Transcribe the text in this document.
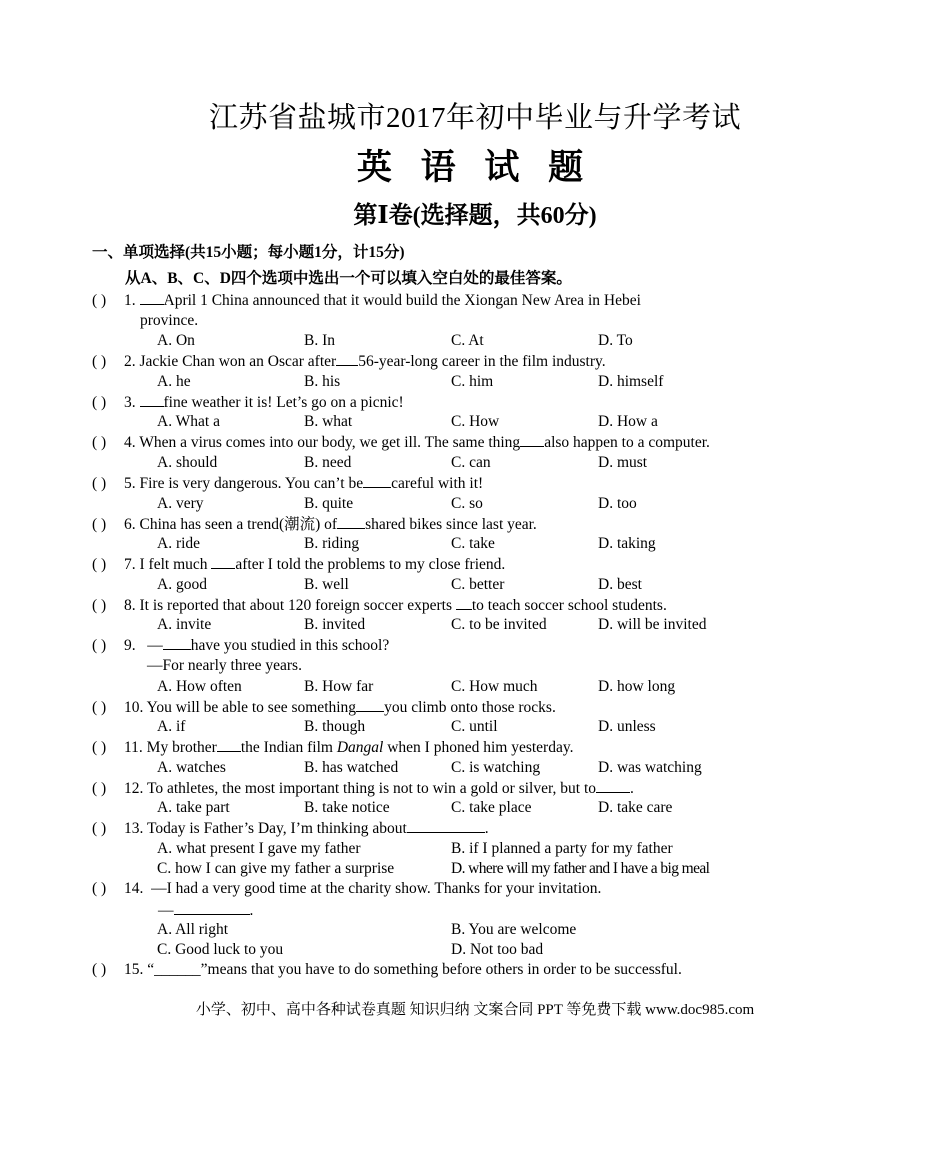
江苏省盐城市2017年初中毕业与升学考试
英 语 试 题
第Ⅰ卷(选择题，共60分)
一、单项选择(共15小题；每小题1分，计15分)
从A、B、C、D四个选项中选出一个可以填入空白处的最佳答案。
( ) 1. April 1 China announced that it would build the Xiongan New Area in Hebei
province.
A. On	B. In	C. At	D. To
( ) 2. Jackie Chan won an Oscar after 56-year-long career in the film industry.
A. he	B. his	C. him	D. himself
( ) 3. fine weather it is! Let’s go on a picnic!
A. What a	B. what	C. How	D. How a
( ) 4. When a virus comes into our body, we get ill. The same thing also happen to a computer.
A. should	B. need	C. can	D. must
( ) 5. Fire is very dangerous. You can’t be careful with it!
A. very	B. quite	C. so	D. too
( ) 6. China has seen a trend(潮流) of shared bikes since last year.
A. ride	B. riding	C. take	D. taking
( ) 7. I felt much after I told the problems to my close friend.
A. good	B. well	C. better	D. best
( ) 8. It is reported that about 120 foreign soccer experts to teach soccer school students.
A. invite	B. invited	C. to be invited	D. will be invited
( ) 9.   — have you studied in this school?
—For nearly three years.
A. How often	B. How far	C. How much	D. how long
( ) 10. You will be able to see something you climb onto those rocks.
A. if	B. though	C. until	D. unless
( ) 11. My brother the Indian film Dangal when I phoned him yesterday.
A. watches	B. has watched	C. is watching	D. was watching
( ) 12. To athletes, the most important thing is not to win a gold or silver, but to .
A. take part	B. take notice	C. take place	D. take care
( ) 13. Today is Father’s Day, I’m thinking about	.
A. what present I gave my father	B. if I planned a party for my father
C. how I can give my father a surprise	D. where will my father and I have a big meal
( ) 14.  —I had a very good time at the charity show. Thanks for your invitation.
—	.
A. All right	B. You are welcome
C. Good luck to you	D. Not too bad
( ) 15. “______”means that you have to do something before others in order to be successful.
小学、初中、高中各种试卷真题 知识归纳 文案合同 PPT 等免费下载 www.doc985.com
